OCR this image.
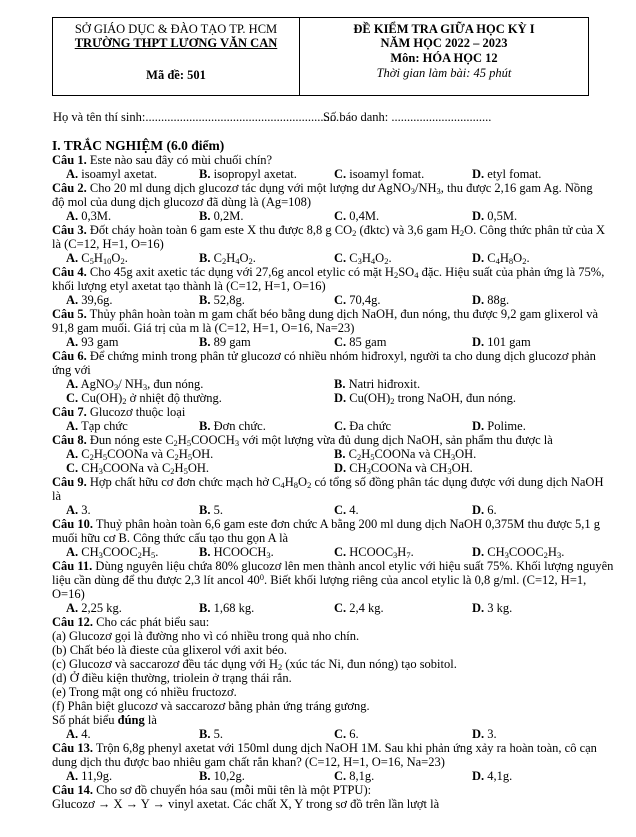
SỞ GIÁO DỤC & ĐÀO TẠO TP. HCM
TRƯỜNG THPT LƯƠNG VĂN CAN
Mã đề: 501
ĐỀ KIỂM TRA GIỮA HỌC KỲ I
NĂM HỌC 2022 – 2023
Môn: HÓA HỌC 12
Thời gian làm bài: 45 phút
Họ và tên thí sinh:...............................................................
Số báo danh: ................................
I. TRẮC NGHIỆM (6.0 điểm)
Câu 1. Este nào sau đây có mùi chuối chín?
A. isoamyl axetat.	B. isopropyl axetat.	C. isoamyl fomat.	D. etyl fomat.
Câu 2. Cho 20 ml dung dịch glucozơ tác dụng với một lượng dư $AgNO_3/NH_3$, thu được 2,16 gam Ag. Nồng
độ mol của dung dịch glucozơ đã dùng là (Ag=108)
A. 0,3M.	B. 0,2M.	C. 0,4M.	D. 0,5M.
Câu 3. Đốt cháy hoàn toàn 6 gam este X thu được 8,8 g $CO_2$ (đktc) và 3,6 gam $H_2O$. Công thức phân tử của X
là (C=12, H=1, O=16)
A. $C_5H_{10}O_2$.	B. $C_2H_4O_2$.	C. $C_3H_4O_2$.	D. $C_4H_8O_2$.
Câu 4. Cho 45g axit axetic tác dụng với 27,6g ancol etylic có mặt $H_2SO_4$ đặc. Hiệu suất của phản ứng là 75%,
khối lượng etyl axetat tạo thành là (C=12, H=1, O=16)
A. 39,6g.	B. 52,8g.	C. 70,4g.	D. 88g.
Câu 5. Thủy phân hoàn toàn m gam chất béo bằng dung dịch NaOH, đun nóng, thu được 9,2 gam glixerol và
91,8 gam muối. Giá trị của m là (C=12, H=1, O=16, Na=23)
A. 93 gam	B. 89 gam	C. 85 gam	D. 101 gam
Câu 6. Để chứng minh trong phân tử glucozơ có nhiều nhóm hiđroxyl, người ta cho dung dịch glucozơ phản
ứng với
A. AgNO$_3$/ $NH_3$, đun nóng.	B. Natri hiđroxit.
C. $Cu(OH)_2$ ở nhiệt độ thường.	D. $Cu(OH)_2$ trong NaOH, đun nóng.
Câu 7. Glucozơ thuộc loại
A. Tạp chức	B. Đơn chức.	C. Đa chức	D. Polime.
Câu 8. Đun nóng este $C_2H_5COOCH_3$ với một lượng vừa đủ dung dịch NaOH, sản phẩm thu được là
A. $C_2H_5COONa$ và $C_2H_5OH$.	B. $C_2H_5COONa$ và $CH_3OH$.
C. $CH_3COONa$ và $C_2H_5OH$.	D. $CH_3COONa$ và $CH_3OH$.
Câu 9. Hợp chất hữu cơ đơn chức mạch hở $C_4H_8O_2$ có tổng số đồng phân tác dụng được với dung dịch NaOH
là
A. 3.	B. 5.	C. 4.	D. 6.
Câu 10. Thuỷ phân hoàn toàn 6,6 gam este đơn chức A bằng 200 ml dung dịch NaOH 0,375M thu được 5,1 g
muối hữu cơ B. Công thức cấu tạo thu gọn A là
A. $CH_3COOC_2H_5$.	B. $HCOOCH_3$.	C. $HCOOC_3H_7$.	D. $CH_3COOC_2H_3$.
Câu 11. Dùng nguyên liệu chứa 80% glucozơ lên men thành ancol etylic với hiệu suất 75%. Khối lượng nguyên
liệu cần dùng để thu được 2,3 lít ancol $40^0$. Biết khối lượng riêng của ancol etylic là 0,8 g/ml. (C=12, H=1,
O=16)
A. 2,25 kg.	B. 1,68 kg.	C. 2,4 kg.	D. 3 kg.
Câu 12. Cho các phát biểu sau:
(a) Glucozơ gọi là đường nho vì có nhiều trong quả nho chín.
(b) Chất béo là đieste của glixerol với axit béo.
(c) Glucozơ và saccarozơ đều tác dụng với $H_2$ (xúc tác Ni, đun nóng) tạo sobitol.
(d) Ở điều kiện thường, triolein ở trạng thái rắn.
(e) Trong mật ong có nhiều fructozơ.
(f) Phân biệt glucozơ và saccarozơ bằng phản ứng tráng gương.
Số phát biểu đúng là
A. 4.	B. 5.	C. 6.	D. 3.
Câu 13. Trộn 6,8g phenyl axetat với 150ml dung dịch NaOH 1M. Sau khi phản ứng xảy ra hoàn toàn, cô cạn
dung dịch thu được bao nhiêu gam chất rắn khan? (C=12, H=1, O=16, Na=23)
A. 11,9g.	B. 10,2g.	C. 8,1g.	D. 4,1g.
Câu 14. Cho sơ đồ chuyển hóa sau (mỗi mũi tên là một PTPU):
Glucozơ → X → Y → vinyl axetat. Các chất X, Y trong sơ đồ trên lần lượt là
